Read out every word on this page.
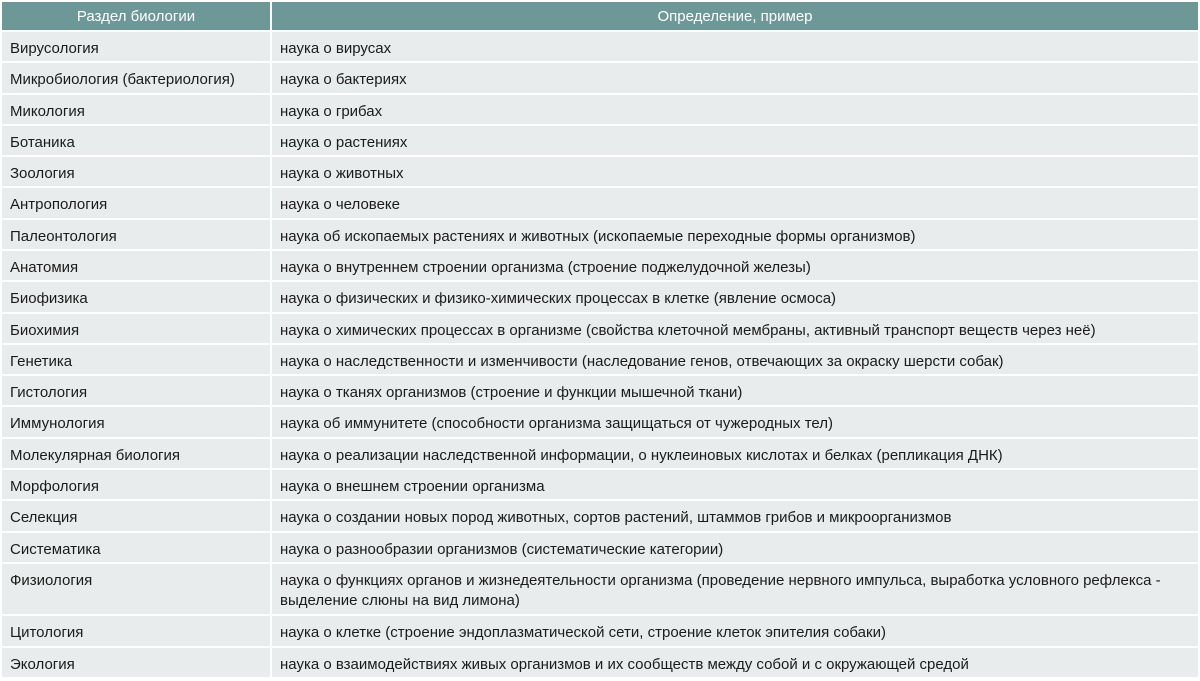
Раздел биологии	Определение, пример
Вирусология	наука о вирусах
Микробиология (бактериология)	наука о бактериях
Микология	наука о грибах
Ботаника	наука о растениях
Зоология	наука о животных
Антропология	наука о человеке
Палеонтология	наука об ископаемых растениях и животных (ископаемые переходные формы организмов)
Анатомия	наука о внутреннем строении организма (строение поджелудочной железы)
Биофизика	наука о физических и физико-химических процессах в клетке (явление осмоса)
Биохимия	наука о химических процессах в организме (свойства клеточной мембраны, активный транспорт веществ через неё)
Генетика	наука о наследственности и изменчивости (наследование генов, отвечающих за окраску шерсти собак)
Гистология	наука о тканях организмов (строение и функции мышечной ткани)
Иммунология	наука об иммунитете (способности организма защищаться от чужеродных тел)
Молекулярная биология	наука о реализации наследственной информации, о нуклеиновых кислотах и белках (репликация ДНК)
Морфология	наука о внешнем строении организма
Селекция	наука о создании новых пород животных, сортов растений, штаммов грибов и микроорганизмов
Систематика	наука о разнообразии организмов (систематические категории)
Физиология	наука о функциях органов и жизнедеятельности организма (проведение нервного импульса, выработка условного рефлекса - выделение слюны на вид лимона)
Цитология	наука о клетке (строение эндоплазматической сети, строение клеток эпителия собаки)
Экология	наука о взаимодействиях живых организмов и их сообществ между собой и с окружающей средой
